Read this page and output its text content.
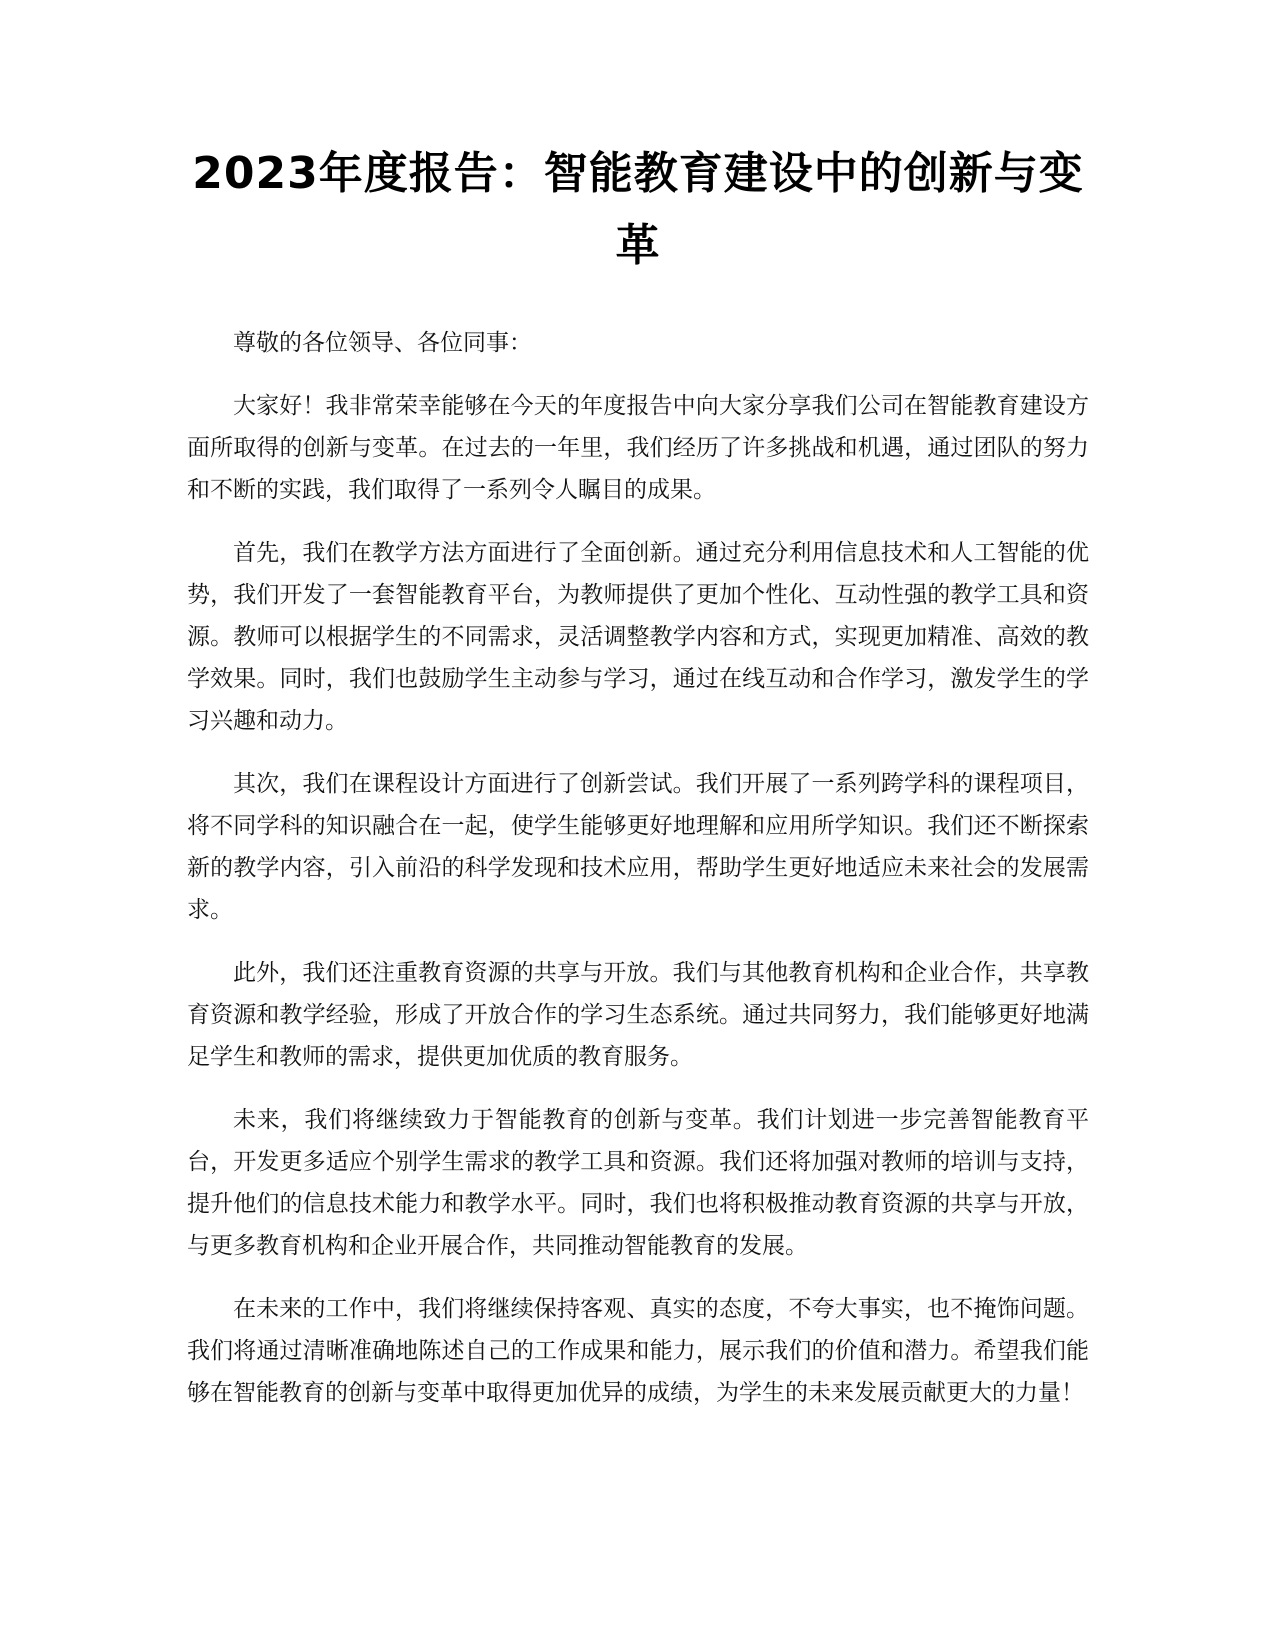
2023年度报告：智能教育建设中的创新与变革

尊敬的各位领导、各位同事：

大家好！我非常荣幸能够在今天的年度报告中向大家分享我们公司在智能教育建设方面所取得的创新与变革。在过去的一年里，我们经历了许多挑战和机遇，通过团队的努力和不断的实践，我们取得了一系列令人瞩目的成果。

首先，我们在教学方法方面进行了全面创新。通过充分利用信息技术和人工智能的优势，我们开发了一套智能教育平台，为教师提供了更加个性化、互动性强的教学工具和资源。教师可以根据学生的不同需求，灵活调整教学内容和方式，实现更加精准、高效的教学效果。同时，我们也鼓励学生主动参与学习，通过在线互动和合作学习，激发学生的学习兴趣和动力。

其次，我们在课程设计方面进行了创新尝试。我们开展了一系列跨学科的课程项目，将不同学科的知识融合在一起，使学生能够更好地理解和应用所学知识。我们还不断探索新的教学内容，引入前沿的科学发现和技术应用，帮助学生更好地适应未来社会的发展需求。

此外，我们还注重教育资源的共享与开放。我们与其他教育机构和企业合作，共享教育资源和教学经验，形成了开放合作的学习生态系统。通过共同努力，我们能够更好地满足学生和教师的需求，提供更加优质的教育服务。

未来，我们将继续致力于智能教育的创新与变革。我们计划进一步完善智能教育平台，开发更多适应个别学生需求的教学工具和资源。我们还将加强对教师的培训与支持，提升他们的信息技术能力和教学水平。同时，我们也将积极推动教育资源的共享与开放，与更多教育机构和企业开展合作，共同推动智能教育的发展。

在未来的工作中，我们将继续保持客观、真实的态度，不夸大事实，也不掩饰问题。我们将通过清晰准确地陈述自己的工作成果和能力，展示我们的价值和潜力。希望我们能够在智能教育的创新与变革中取得更加优异的成绩，为学生的未来发展贡献更大的力量！
